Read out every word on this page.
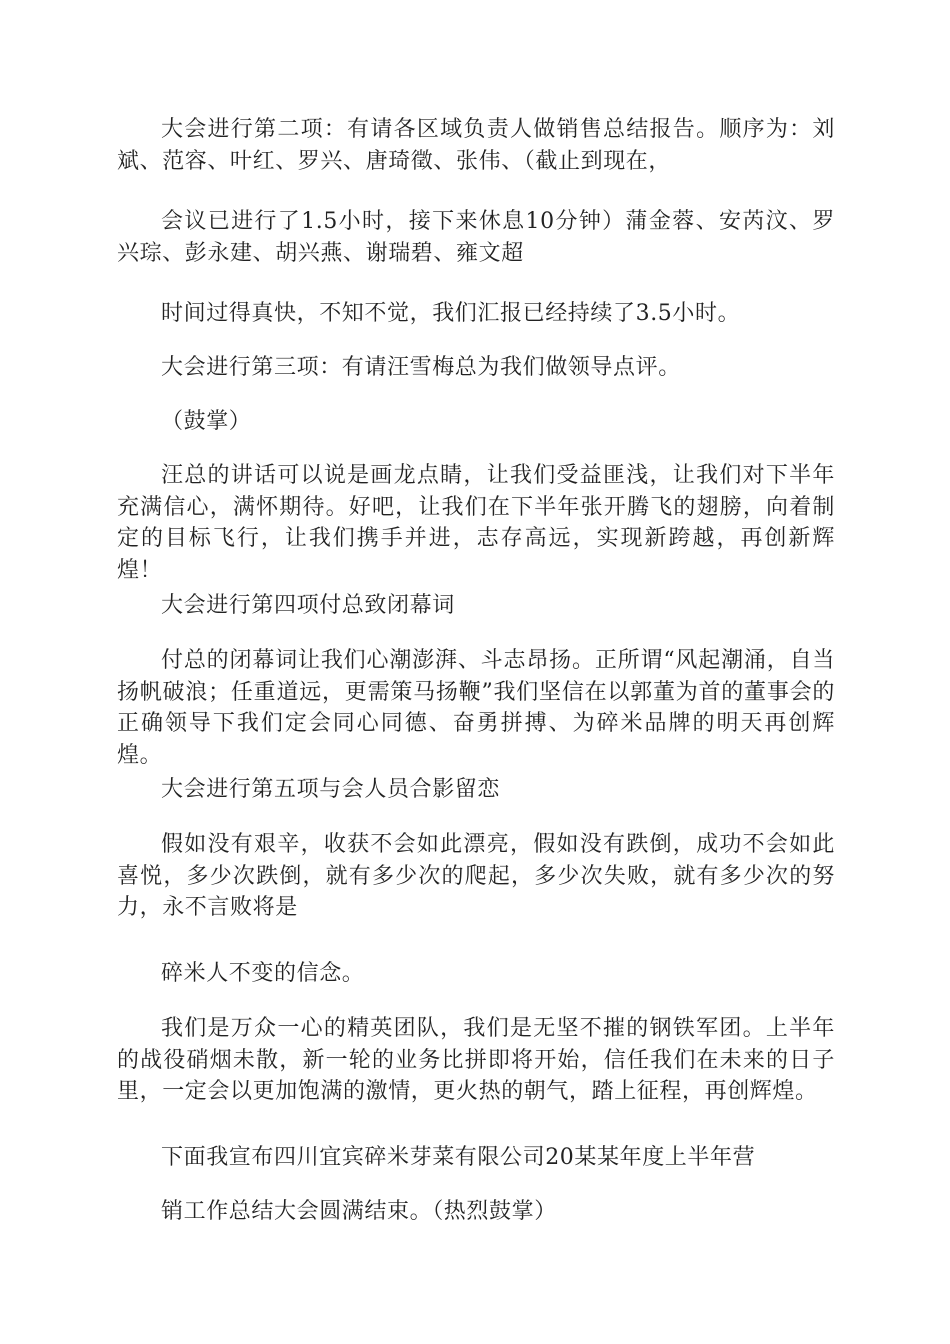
大会进行第二项：有请各区域负责人做销售总结报告。顺序为：刘斌、范容、叶红、罗兴、唐琦徵、张伟、（截止到现在，

会议已进行了1.5小时，接下来休息10分钟）蒲金蓉、安芮汶、罗兴琮、彭永建、胡兴燕、谢瑞碧、雍文超

时间过得真快，不知不觉，我们汇报已经持续了3.5小时。

大会进行第三项：有请汪雪梅总为我们做领导点评。

（鼓掌）

汪总的讲话可以说是画龙点睛，让我们受益匪浅，让我们对下半年充满信心，满怀期待。好吧，让我们在下半年张开腾飞的翅膀，向着制定的目标飞行，让我们携手并进，志存高远，实现新跨越，再创新辉煌！

大会进行第四项付总致闭幕词

付总的闭幕词让我们心潮澎湃、斗志昂扬。正所谓“风起潮涌，自当扬帆破浪；任重道远，更需策马扬鞭”我们坚信在以郭董为首的董事会的正确领导下我们定会同心同德、奋勇拼搏、为碎米品牌的明天再创辉煌。

大会进行第五项与会人员合影留恋

假如没有艰辛，收获不会如此漂亮，假如没有跌倒，成功不会如此喜悦，多少次跌倒，就有多少次的爬起，多少次失败，就有多少次的努力，永不言败将是

碎米人不变的信念。

我们是万众一心的精英团队，我们是无坚不摧的钢铁军团。上半年的战役硝烟未散，新一轮的业务比拼即将开始，信任我们在未来的日子里，一定会以更加饱满的激情，更火热的朝气，踏上征程，再创辉煌。

下面我宣布四川宜宾碎米芽菜有限公司20某某年度上半年营

销工作总结大会圆满结束。（热烈鼓掌）
